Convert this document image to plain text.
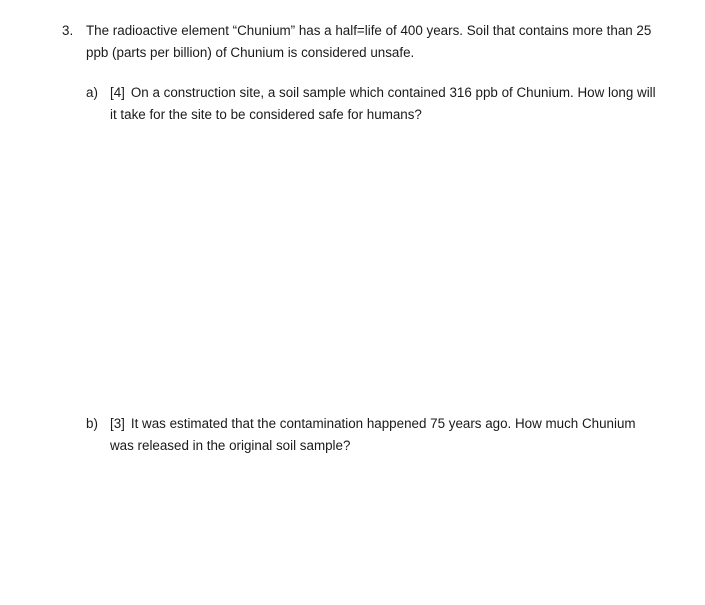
3. The radioactive element “Chunium” has a half=life of 400 years. Soil that contains more than 25 ppb (parts per billion) of Chunium is considered unsafe.
a) [4] On a construction site, a soil sample which contained 316 ppb of Chunium. How long will it take for the site to be considered safe for humans?
b) [3] It was estimated that the contamination happened 75 years ago. How much Chunium was released in the original soil sample?
